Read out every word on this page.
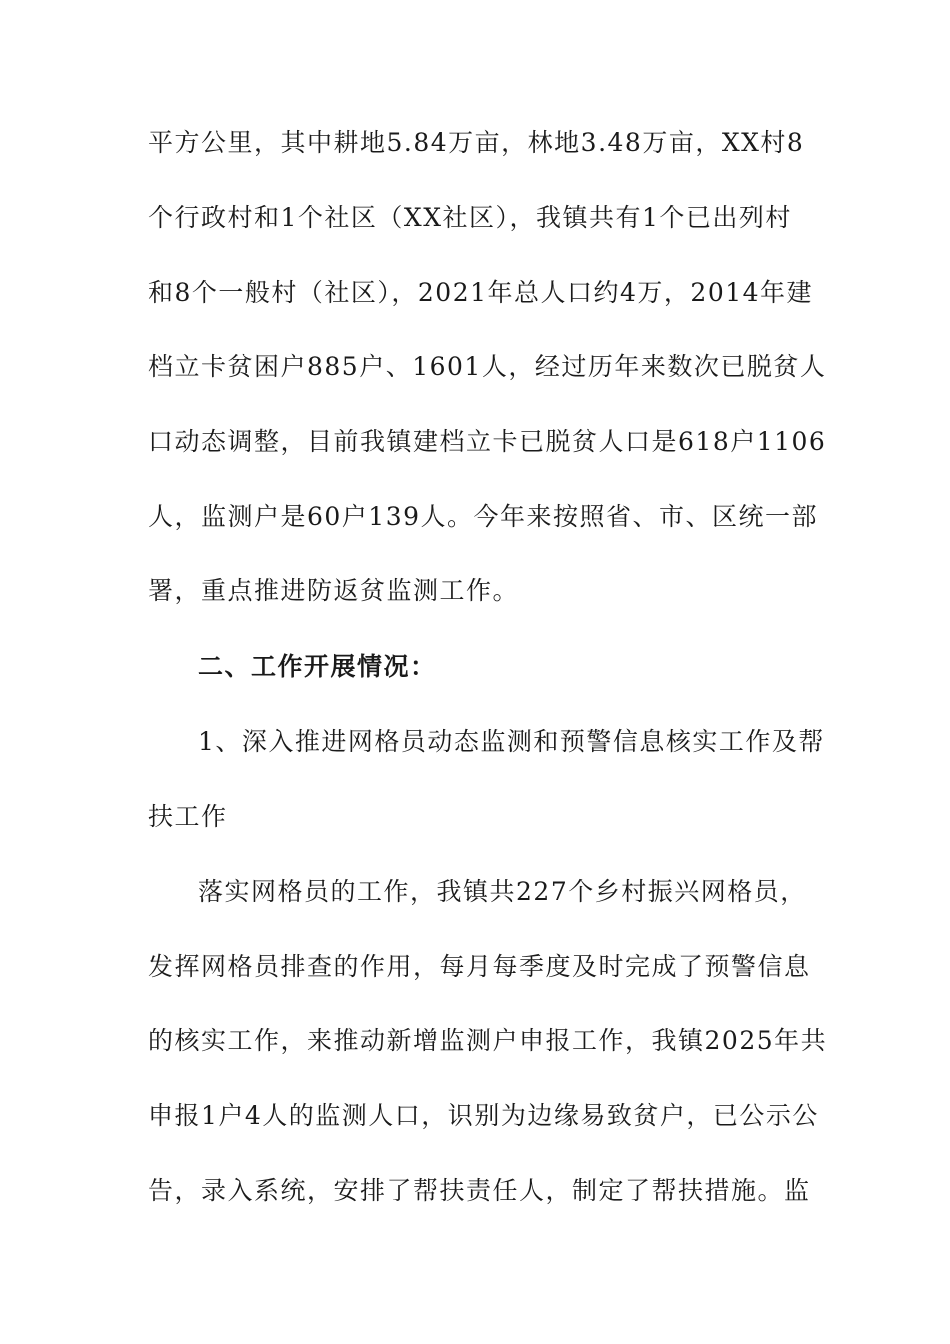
平方公里，其中耕地5.84万亩，林地3.48万亩，XX村8
个行政村和1个社区（XX社区），我镇共有1个已出列村
和8个一般村（社区），2021年总人口约4万，2014年建
档立卡贫困户885户、1601人，经过历年来数次已脱贫人
口动态调整，目前我镇建档立卡已脱贫人口是618户1106
人，监测户是60户139人。今年来按照省、市、区统一部
署，重点推进防返贫监测工作。
二、工作开展情况：
1、深入推进网格员动态监测和预警信息核实工作及帮
扶工作
落实网格员的工作，我镇共227个乡村振兴网格员，
发挥网格员排查的作用，每月每季度及时完成了预警信息
的核实工作，来推动新增监测户申报工作，我镇2025年共
申报1户4人的监测人口，识别为边缘易致贫户，已公示公
告，录入系统，安排了帮扶责任人，制定了帮扶措施。监
